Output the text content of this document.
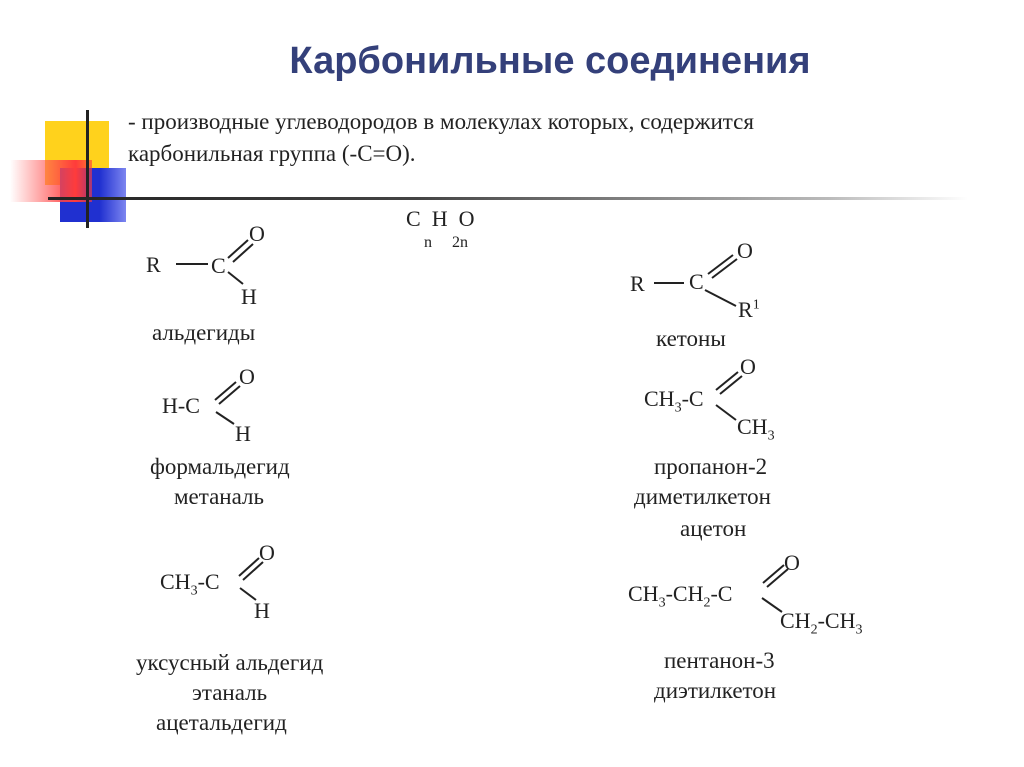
Карбонильные соединения
- производные углеводородов в молекулах которых, содержится
карбонильная группа (-C=O).
C H O
n 2n
R C
O
H
альдегиды
H-C
O
H
формальдегид
метаналь
$CH_3-C$
O
H
уксусный альдегид
этаналь
ацетальдегид
R C
O
$R^1$
кетоны
$CH_3-C$
O
$CH_3$
пропанон-2
диметилкетон
ацетон
$CH_3-CH_2-C$
O
$CH_2-CH_3$
пентанон-3
диэтилкетон
